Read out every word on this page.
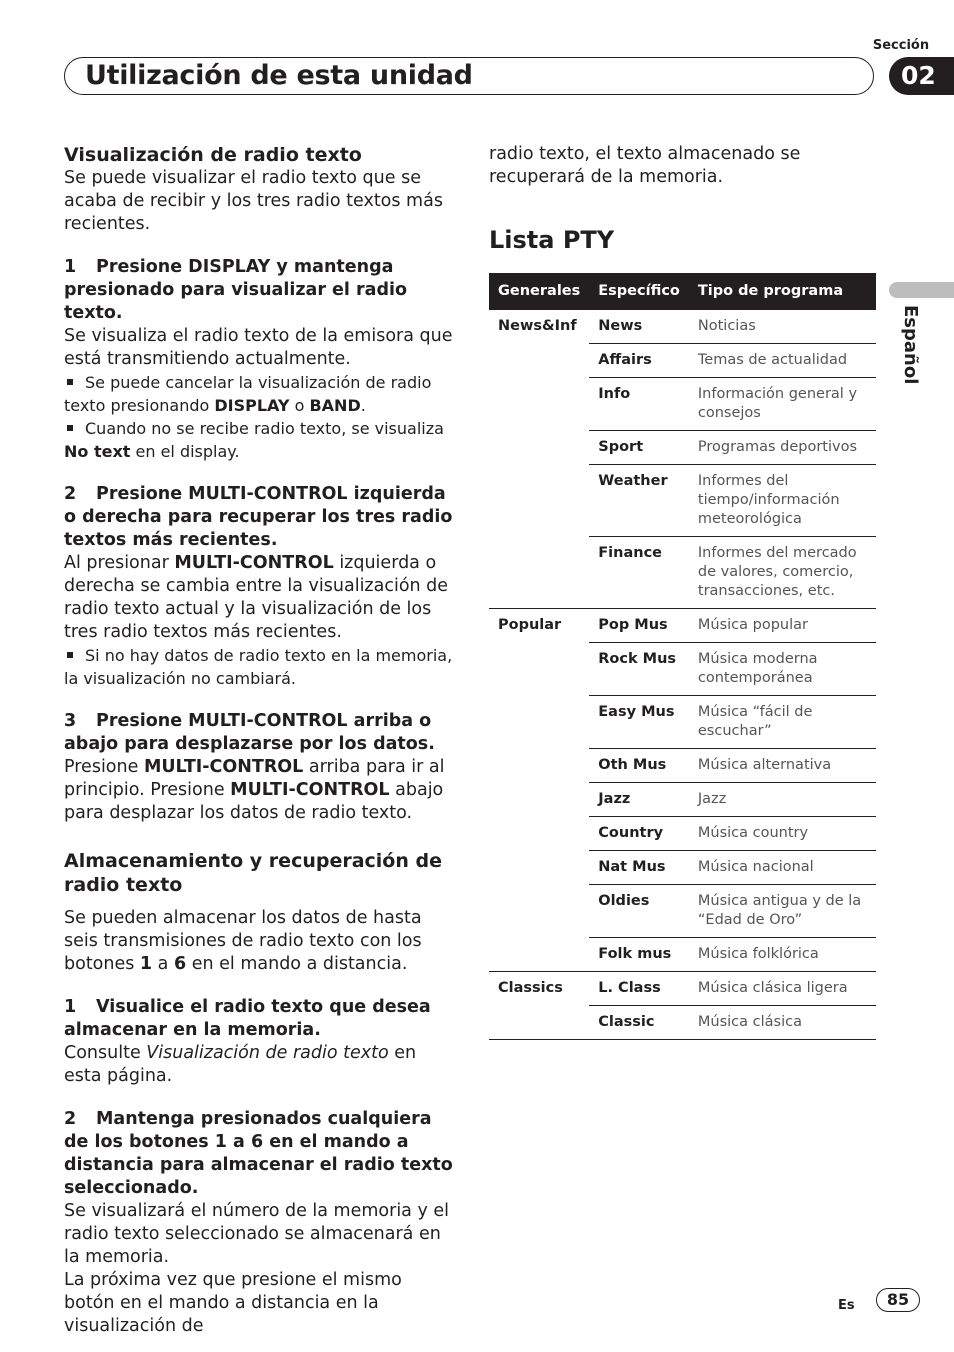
Sección
Utilización de esta unidad	02
Español
Visualización de radio texto

Se puede visualizar el radio texto que se acaba de recibir y los tres radio textos más recientes.

1 Presione DISPLAY y mantenga presionado para visualizar el radio texto.

Se visualiza el radio texto de la emisora que está transmitiendo actualmente.

Se puede cancelar la visualización de radio texto presionando DISPLAY o BAND.

Cuando no se recibe radio texto, se visualiza No text en el display.

2 Presione MULTI-CONTROL izquierda o derecha para recuperar los tres radio textos más recientes.

Al presionar MULTI-CONTROL izquierda o derecha se cambia entre la visualización de radio texto actual y la visualización de los tres radio textos más recientes.

Si no hay datos de radio texto en la memoria, la visualización no cambiará.

3 Presione MULTI-CONTROL arriba o abajo para desplazarse por los datos.

Presione MULTI-CONTROL arriba para ir al principio. Presione MULTI-CONTROL abajo para desplazar los datos de radio texto.

Almacenamiento y recuperación de radio texto

Se pueden almacenar los datos de hasta seis transmisiones de radio texto con los botones 1 a 6 en el mando a distancia.

1 Visualice el radio texto que desea almacenar en la memoria.

Consulte Visualización de radio texto en esta página.

2 Mantenga presionados cualquiera de los botones 1 a 6 en el mando a distancia para almacenar el radio texto seleccionado.

Se visualizará el número de la memoria y el radio texto seleccionado se almacenará en la memoria.

La próxima vez que presione el mismo botón en el mando a distancia en la visualización de

radio texto, el texto almacenado se recuperará de la memoria.

Lista PTY
Generales	Específico	Tipo de programa
News&Inf	News	Noticias
	Affairs	Temas de actualidad
	Info	Información general y consejos
	Sport	Programas deportivos
	Weather	Informes del tiempo/información meteorológica
	Finance	Informes del mercado de valores, comercio, transacciones, etc.
Popular	Pop Mus	Música popular
	Rock Mus	Música moderna contemporánea
	Easy Mus	Música “fácil de escuchar”
	Oth Mus	Música alternativa
	Jazz	Jazz
	Country	Música country
	Nat Mus	Música nacional
	Oldies	Música antigua y de la “Edad de Oro”
	Folk mus	Música folklórica
Classics	L. Class	Música clásica ligera
	Classic	Música clásica
Es	85
